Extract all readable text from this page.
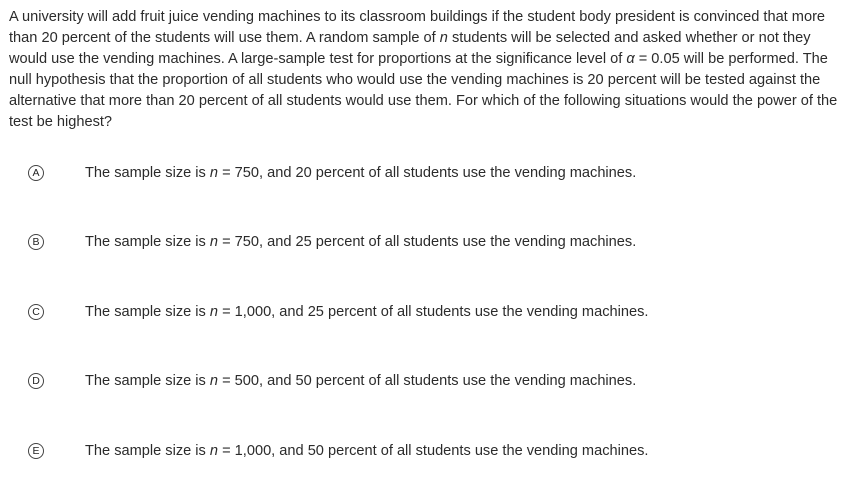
A university will add fruit juice vending machines to its classroom buildings if the student body president is convinced that more than 20 percent of the students will use them. A random sample of n students will be selected and asked whether or not they would use the vending machines. A large-sample test for proportions at the significance level of α = 0.05 will be performed. The null hypothesis that the proportion of all students who would use the vending machines is 20 percent will be tested against the alternative that more than 20 percent of all students would use them. For which of the following situations would the power of the test be highest?
A	The sample size is n = 750, and 20 percent of all students use the vending machines.
B	The sample size is n = 750, and 25 percent of all students use the vending machines.
C	The sample size is n = 1,000, and 25 percent of all students use the vending machines.
D	The sample size is n = 500, and 50 percent of all students use the vending machines.
E	The sample size is n = 1,000, and 50 percent of all students use the vending machines.
